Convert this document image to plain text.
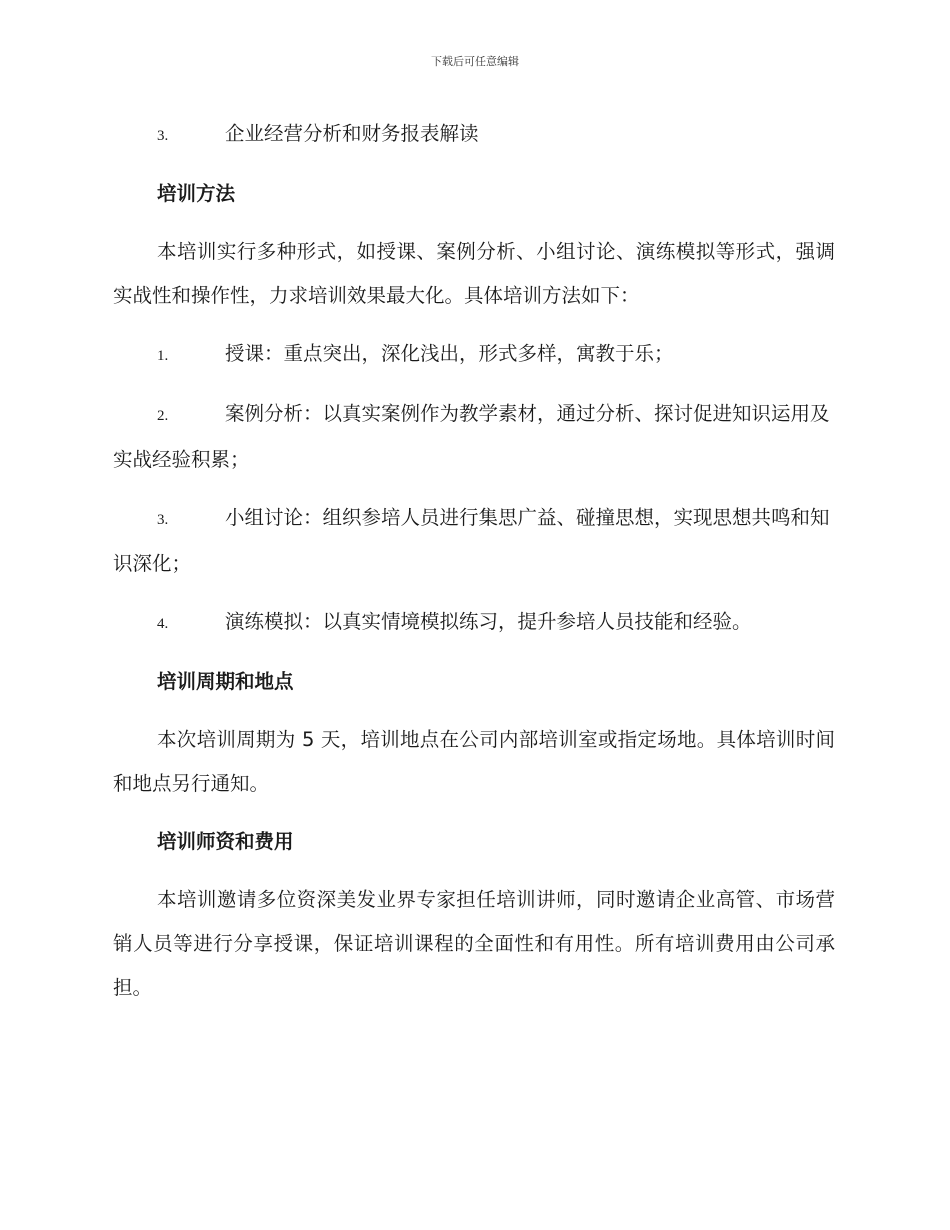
下载后可任意编辑
3.	企业经营分析和财务报表解读
培训方法
本培训实行多种形式，如授课、案例分析、小组讨论、演练模拟等形式，强调实战性和操作性，力求培训效果最大化。具体培训方法如下：
1.	授课：重点突出，深化浅出，形式多样，寓教于乐；
2.	案例分析：以真实案例作为教学素材，通过分析、探讨促进知识运用及实战经验积累；
3.	小组讨论：组织参培人员进行集思广益、碰撞思想，实现思想共鸣和知识深化；
4.	演练模拟：以真实情境模拟练习，提升参培人员技能和经验。
培训周期和地点
本次培训周期为 5 天，培训地点在公司内部培训室或指定场地。具体培训时间和地点另行通知。
培训师资和费用
本培训邀请多位资深美发业界专家担任培训讲师，同时邀请企业高管、市场营销人员等进行分享授课，保证培训课程的全面性和有用性。所有培训费用由公司承担。
